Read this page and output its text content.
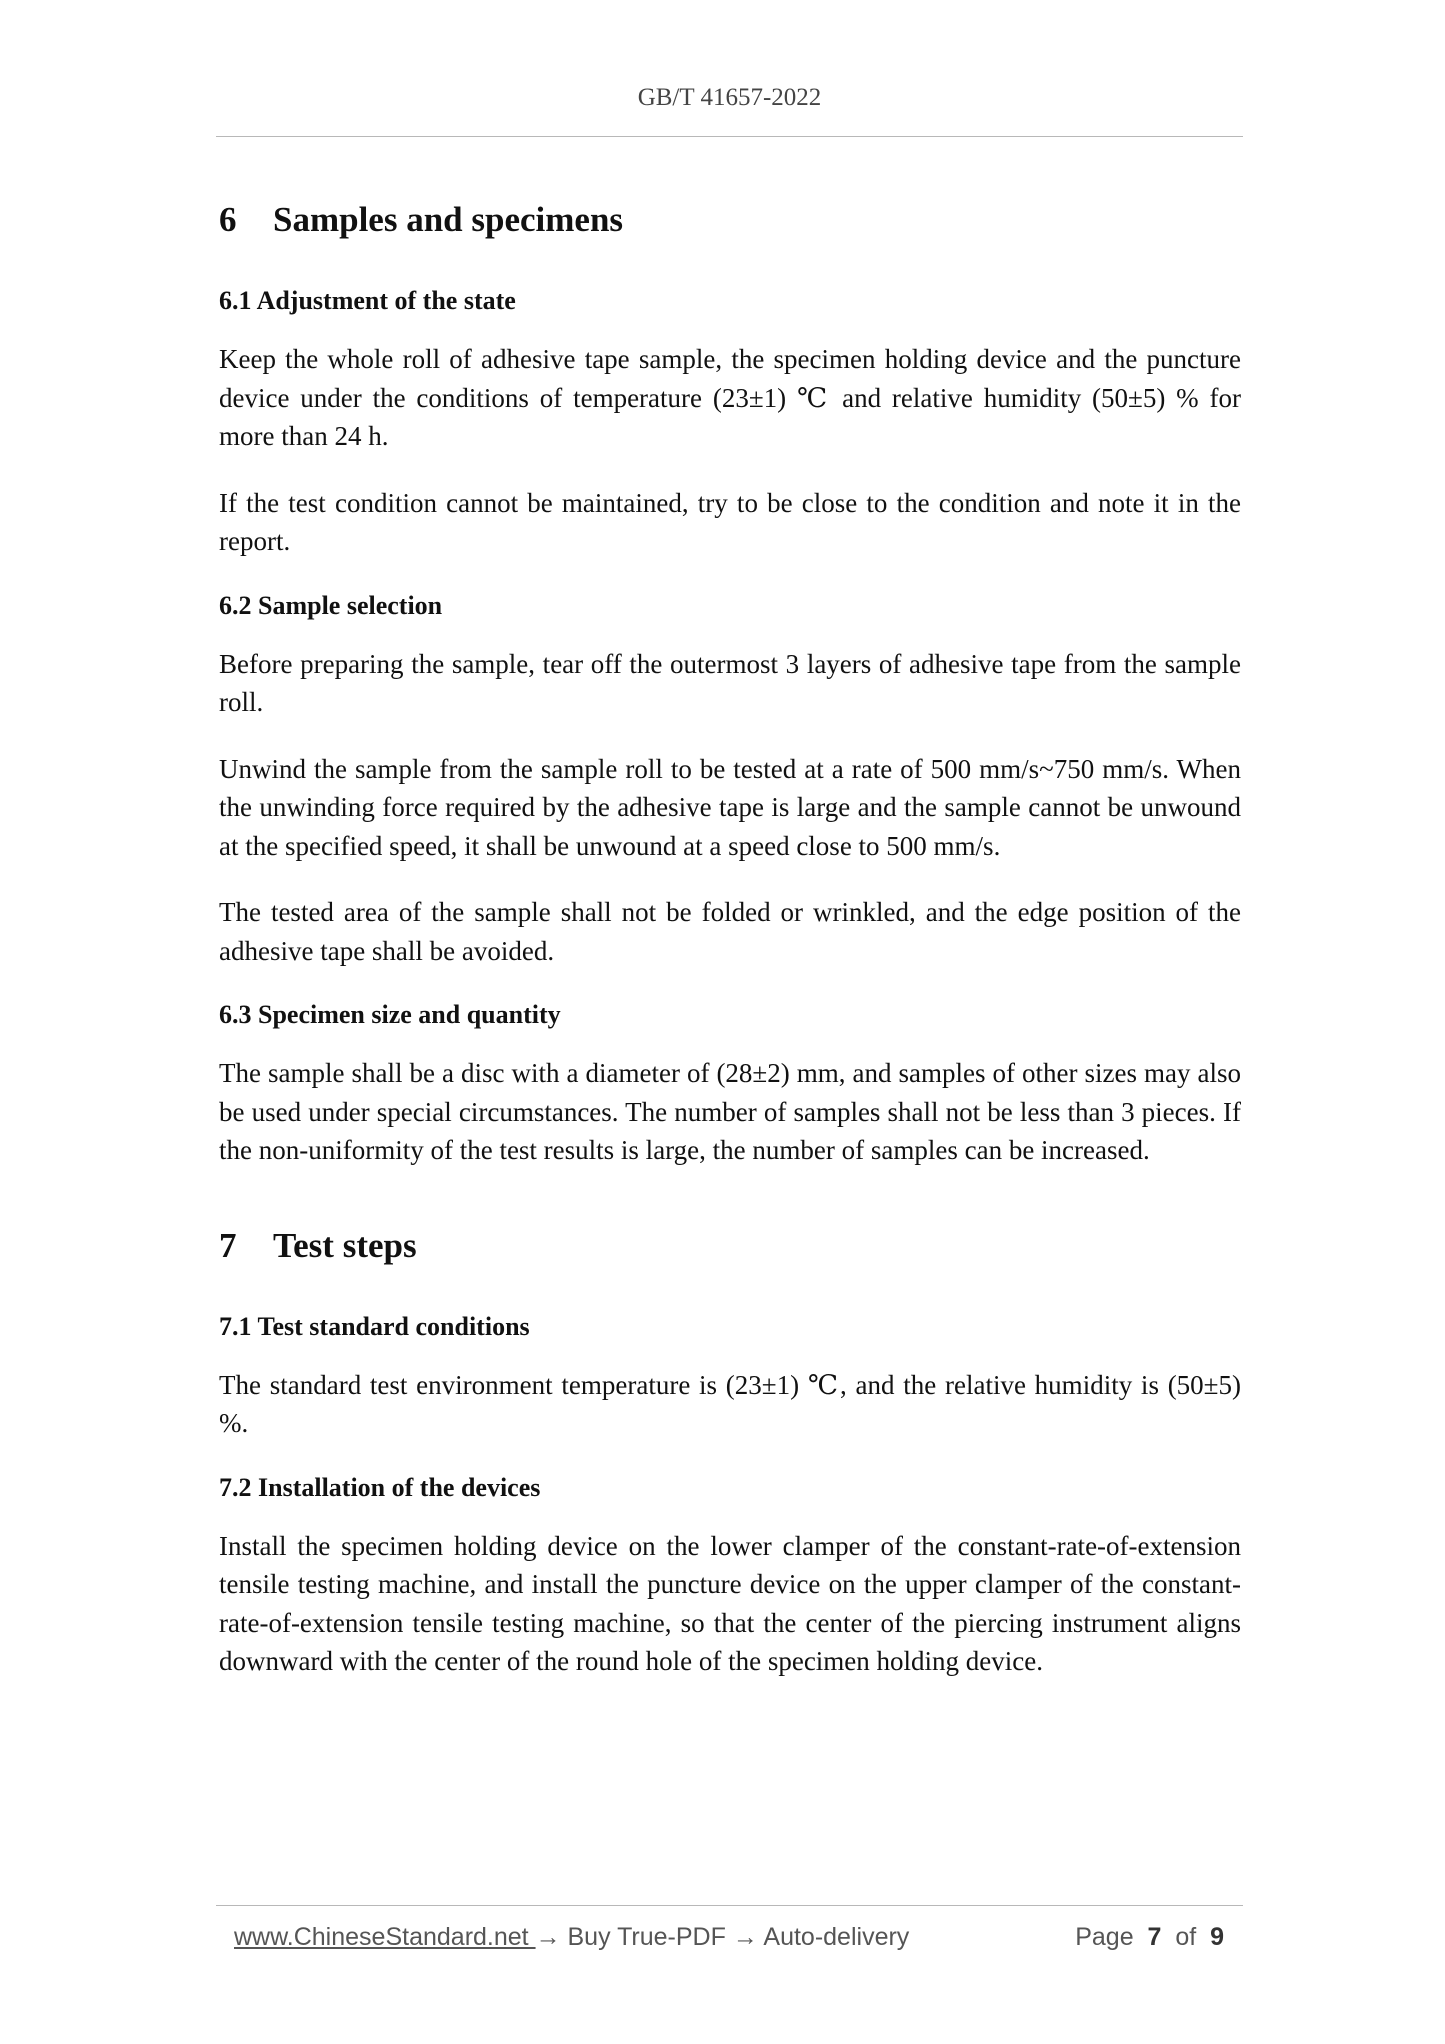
GB/T 41657-2022
6 Samples and specimens
6.1 Adjustment of the state

Keep the whole roll of adhesive tape sample, the specimen holding device and the puncture device under the conditions of temperature (23±1) ℃ and relative humidity (50±5) % for more than 24 h.

If the test condition cannot be maintained, try to be close to the condition and note it in the report.

6.2 Sample selection

Before preparing the sample, tear off the outermost 3 layers of adhesive tape from the sample roll.

Unwind the sample from the sample roll to be tested at a rate of 500 mm/s~750 mm/s. When the unwinding force required by the adhesive tape is large and the sample cannot be unwound at the specified speed, it shall be unwound at a speed close to 500 mm/s.

The tested area of the sample shall not be folded or wrinkled, and the edge position of the adhesive tape shall be avoided.

6.3 Specimen size and quantity

The sample shall be a disc with a diameter of (28±2) mm, and samples of other sizes may also be used under special circumstances. The number of samples shall not be less than 3 pieces. If the non-uniformity of the test results is large, the number of samples can be increased.

7 Test steps
7.1 Test standard conditions

The standard test environment temperature is (23±1) ℃, and the relative humidity is (50±5) %.

7.2 Installation of the devices

Install the specimen holding device on the lower clamper of the constant-rate-of-extension tensile testing machine, and install the puncture device on the upper clamper of the constant-rate-of-extension tensile testing machine, so that the center of the piercing instrument aligns downward with the center of the round hole of the specimen holding device.

www.ChineseStandard.net → Buy True-PDF → Auto-delivery	Page 7 of 9
